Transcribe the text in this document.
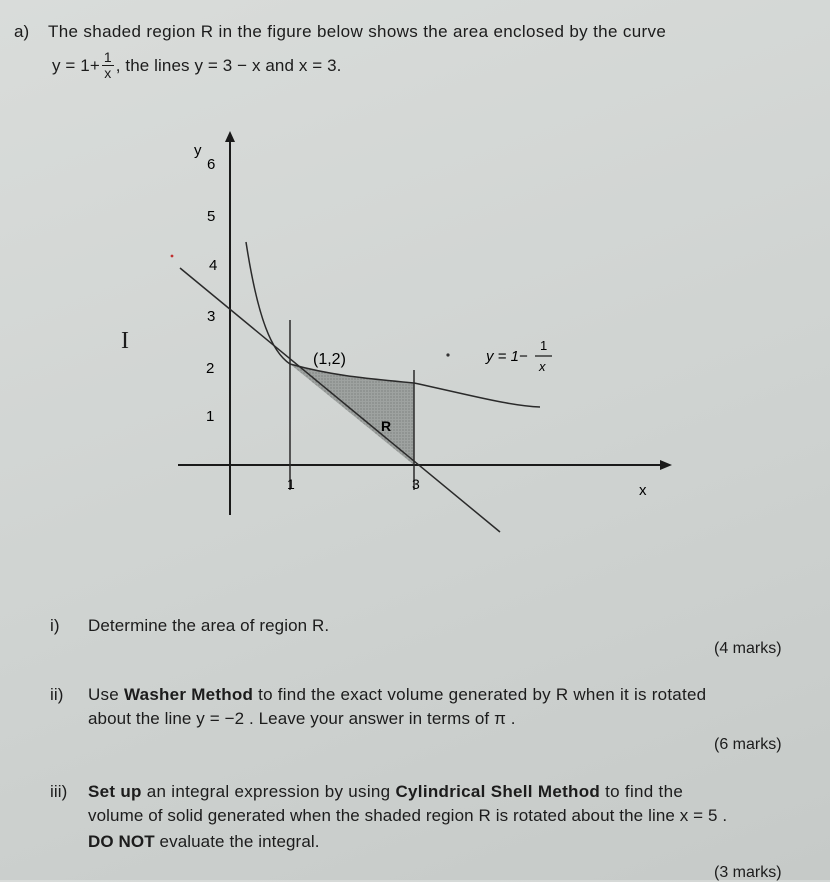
a) The shaded region R in the figure below shows the area enclosed by the curve
$y = 1+ \frac{1}{x}$ , the lines y = 3 − x and x = 3.
I
y
x
6
5
4
3
2
1
1	3
(1,2)
R
y = 1−
1
x
i) Determine the area of region R.
(4 marks)
ii) Use Washer Method to find the exact volume generated by R when it is rotated
about the line y = −2 . Leave your answer in terms of π .
(6 marks)
iii) Set up an integral expression by using Cylindrical Shell Method to find the
volume of solid generated when the shaded region R is rotated about the line x = 5 .
DO NOT evaluate the integral.
(3 marks)
